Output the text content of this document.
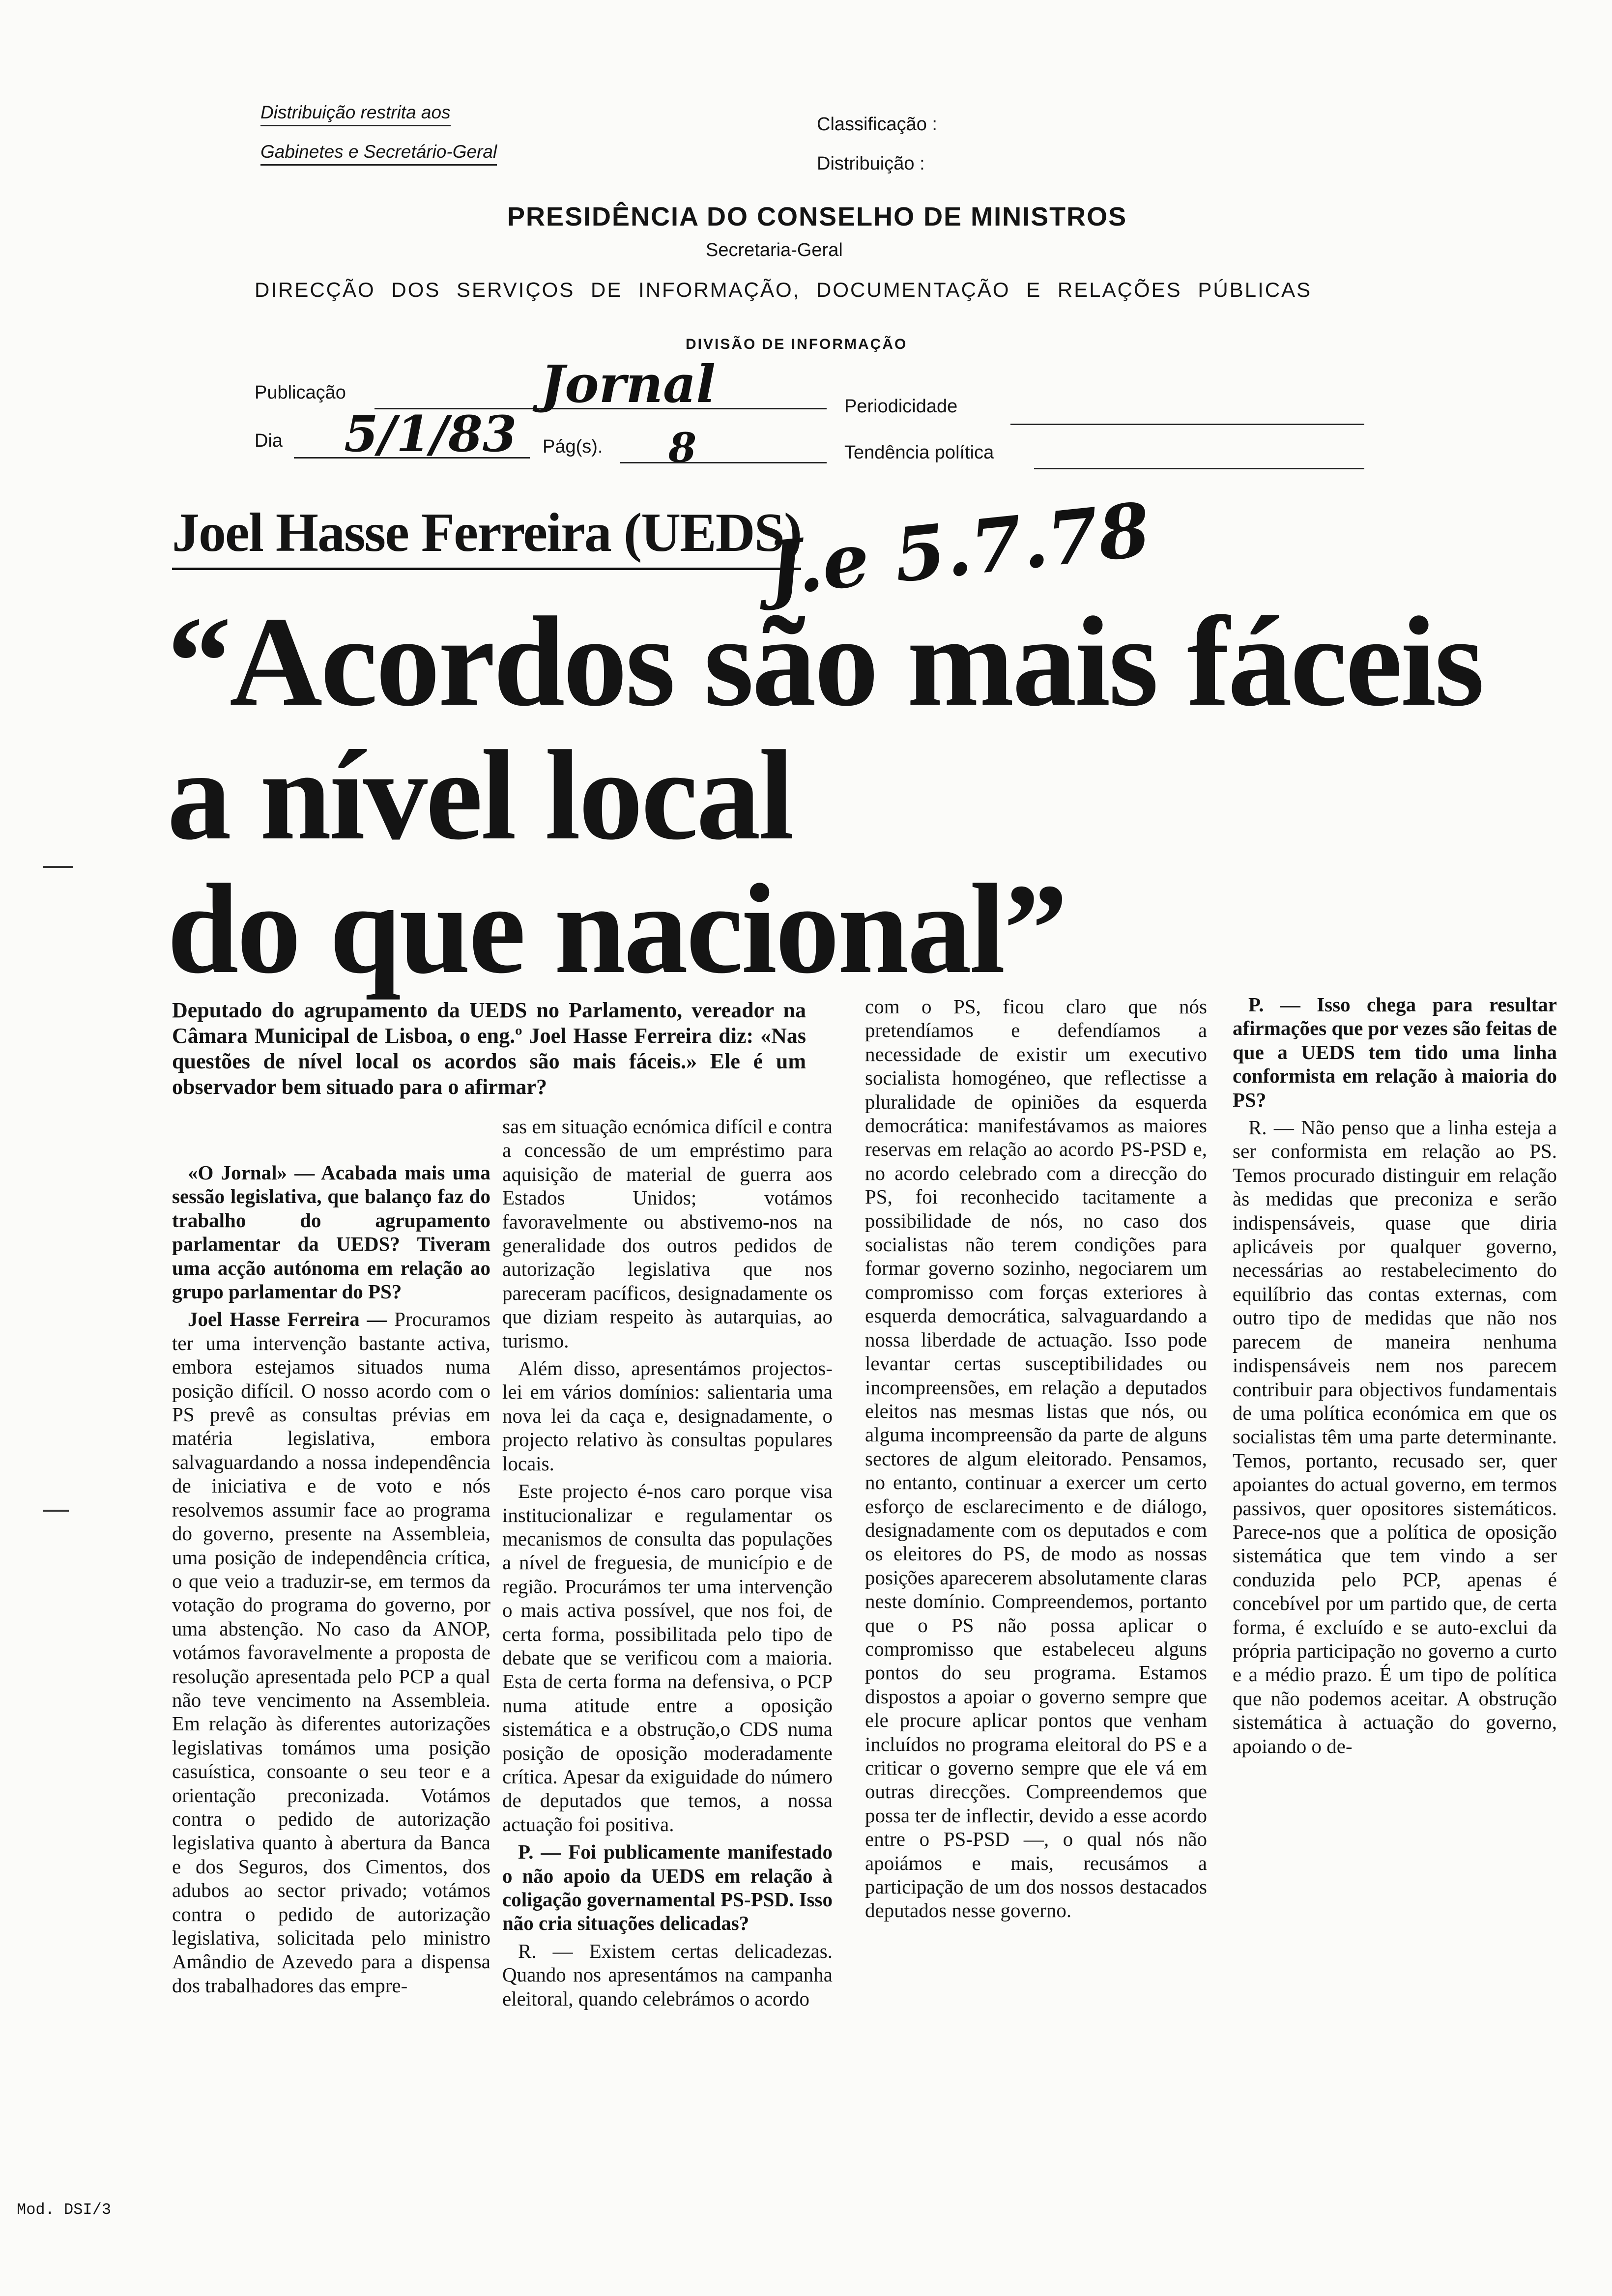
Distribuição restrita aos
Gabinetes e Secretário-Geral
Classificação :
Distribuição :
PRESIDÊNCIA DO CONSELHO DE MINISTROS
Secretaria-Geral
DIRECÇÃO DOS SERVIÇOS DE INFORMAÇÃO, DOCUMENTAÇÃO E RELAÇÕES PÚBLICAS
DIVISÃO DE INFORMAÇÃO
Publicação	Jornal	Periodicidade
Dia 5/1/83 Pág(s). 8	Tendência política
Joel Hasse Ferreira (UEDS)
J.e 5.7.78
“Acordos são mais fáceis
a nível local
do que nacional”
Deputado do agrupamento da UEDS no Parlamento, vereador na Câmara Municipal de Lisboa, o eng.º Joel Hasse Ferreira diz: «Nas questões de nível local os acordos são mais fáceis.» Ele é um observador bem situado para o afirmar?

«O Jornal» — Acabada mais uma sessão legislativa, que balanço faz do trabalho do agrupamento parlamentar da UEDS? Tiveram uma acção autónoma em relação ao grupo parlamentar do PS?

Joel Hasse Ferreira — Procuramos ter uma intervenção bastante activa, embora estejamos situados numa posição difícil. O nosso acordo com o PS prevê as consultas prévias em matéria legislativa, embora salvaguardando a nossa independência de iniciativa e de voto e nós resolvemos assumir face ao programa do governo, presente na Assembleia, uma posição de independência crítica, o que veio a traduzir-se, em termos da votação do programa do governo, por uma abstenção. No caso da ANOP, votámos favoravelmente a proposta de resolução apresentada pelo PCP a qual não teve vencimento na Assembleia. Em relação às diferentes autorizações legislativas tomámos uma posição casuística, consoante o seu teor e a orientação preconizada. Votámos contra o pedido de autorização legislativa quanto à abertura da Banca e dos Seguros, dos Cimentos, dos adubos ao sector privado; votámos contra o pedido de autorização legislativa, solicitada pelo ministro Amândio de Azevedo para a dispensa dos trabalhadores das empre-

sas em situação ecnómica difícil e contra a concessão de um empréstimo para aquisição de material de guerra aos Estados Unidos; votámos favoravelmente ou abstivemo-nos na generalidade dos outros pedidos de autorização legislativa que nos pareceram pacíficos, designadamente os que diziam respeito às autarquias, ao turismo.

Além disso, apresentámos projectos-lei em vários domínios: salientaria uma nova lei da caça e, designadamente, o projecto relativo às consultas populares locais.

Este projecto é-nos caro porque visa institucionalizar e regulamentar os mecanismos de consulta das populações a nível de freguesia, de município e de região. Procurámos ter uma intervenção o mais activa possível, que nos foi, de certa forma, possibilitada pelo tipo de debate que se verificou com a maioria. Esta de certa forma na defensiva, o PCP numa atitude entre a oposição sistemática e a obstrução,o CDS numa posição de oposição moderadamente crítica. Apesar da exiguidade do número de deputados que temos, a nossa actuação foi positiva.

P. — Foi publicamente manifestado o não apoio da UEDS em relação à coligação governamental PS-PSD. Isso não cria situações delicadas?

R. — Existem certas delicadezas. Quando nos apresentámos na campanha eleitoral, quando celebrámos o acordo

com o PS, ficou claro que nós pretendíamos e defendíamos a necessidade de existir um executivo socialista homogéneo, que reflectisse a pluralidade de opiniões da esquerda democrática: manifestávamos as maiores reservas em relação ao acordo PS-PSD e, no acordo celebrado com a direcção do PS, foi reconhecido tacitamente a possibilidade de nós, no caso dos socialistas não terem condições para formar governo sozinho, negociarem um compromisso com forças exteriores à esquerda democrática, salvaguardando a nossa liberdade de actuação. Isso pode levantar certas susceptibilidades ou incompreensões, em relação a deputados eleitos nas mesmas listas que nós, ou alguma incompreensão da parte de alguns sectores de algum eleitorado. Pensamos, no entanto, continuar a exercer um certo esforço de esclarecimento e de diálogo, designadamente com os deputados e com os eleitores do PS, de modo as nossas posições aparecerem absolutamente claras neste domínio. Compreendemos, portanto que o PS não possa aplicar o compromisso que estabeleceu alguns pontos do seu programa. Estamos dispostos a apoiar o governo sempre que ele procure aplicar pontos que venham incluídos no programa eleitoral do PS e a criticar o governo sempre que ele vá em outras direcções. Compreendemos que possa ter de inflectir, devido a esse acordo entre o PS-PSD —, o qual nós não apoiámos e mais, recusámos a participação de um dos nossos destacados deputados nesse governo.

P. — Isso chega para resultar afirmações que por vezes são feitas de que a UEDS tem tido uma linha conformista em relação à maioria do PS?

R. — Não penso que a linha esteja a ser conformista em relação ao PS. Temos procurado distinguir em relação às medidas que preconiza e serão indispensáveis, quase que diria aplicáveis por qualquer governo, necessárias ao restabelecimento do equilíbrio das contas externas, com outro tipo de medidas que não nos parecem de maneira nenhuma indispensáveis nem nos parecem contribuir para objectivos fundamentais de uma política económica em que os socialistas têm uma parte determinante. Temos, portanto, recusado ser, quer apoiantes do actual governo, em termos passivos, quer opositores sistemáticos. Parece-nos que a política de oposição sistemática que tem vindo a ser conduzida pelo PCP, apenas é concebível por um partido que, de certa forma, é excluído e se auto-exclui da própria participação no governo a curto e a médio prazo. É um tipo de política que não podemos aceitar. A obstrução sistemática à actuação do governo, apoiando o de-

Mod. DSI/3
